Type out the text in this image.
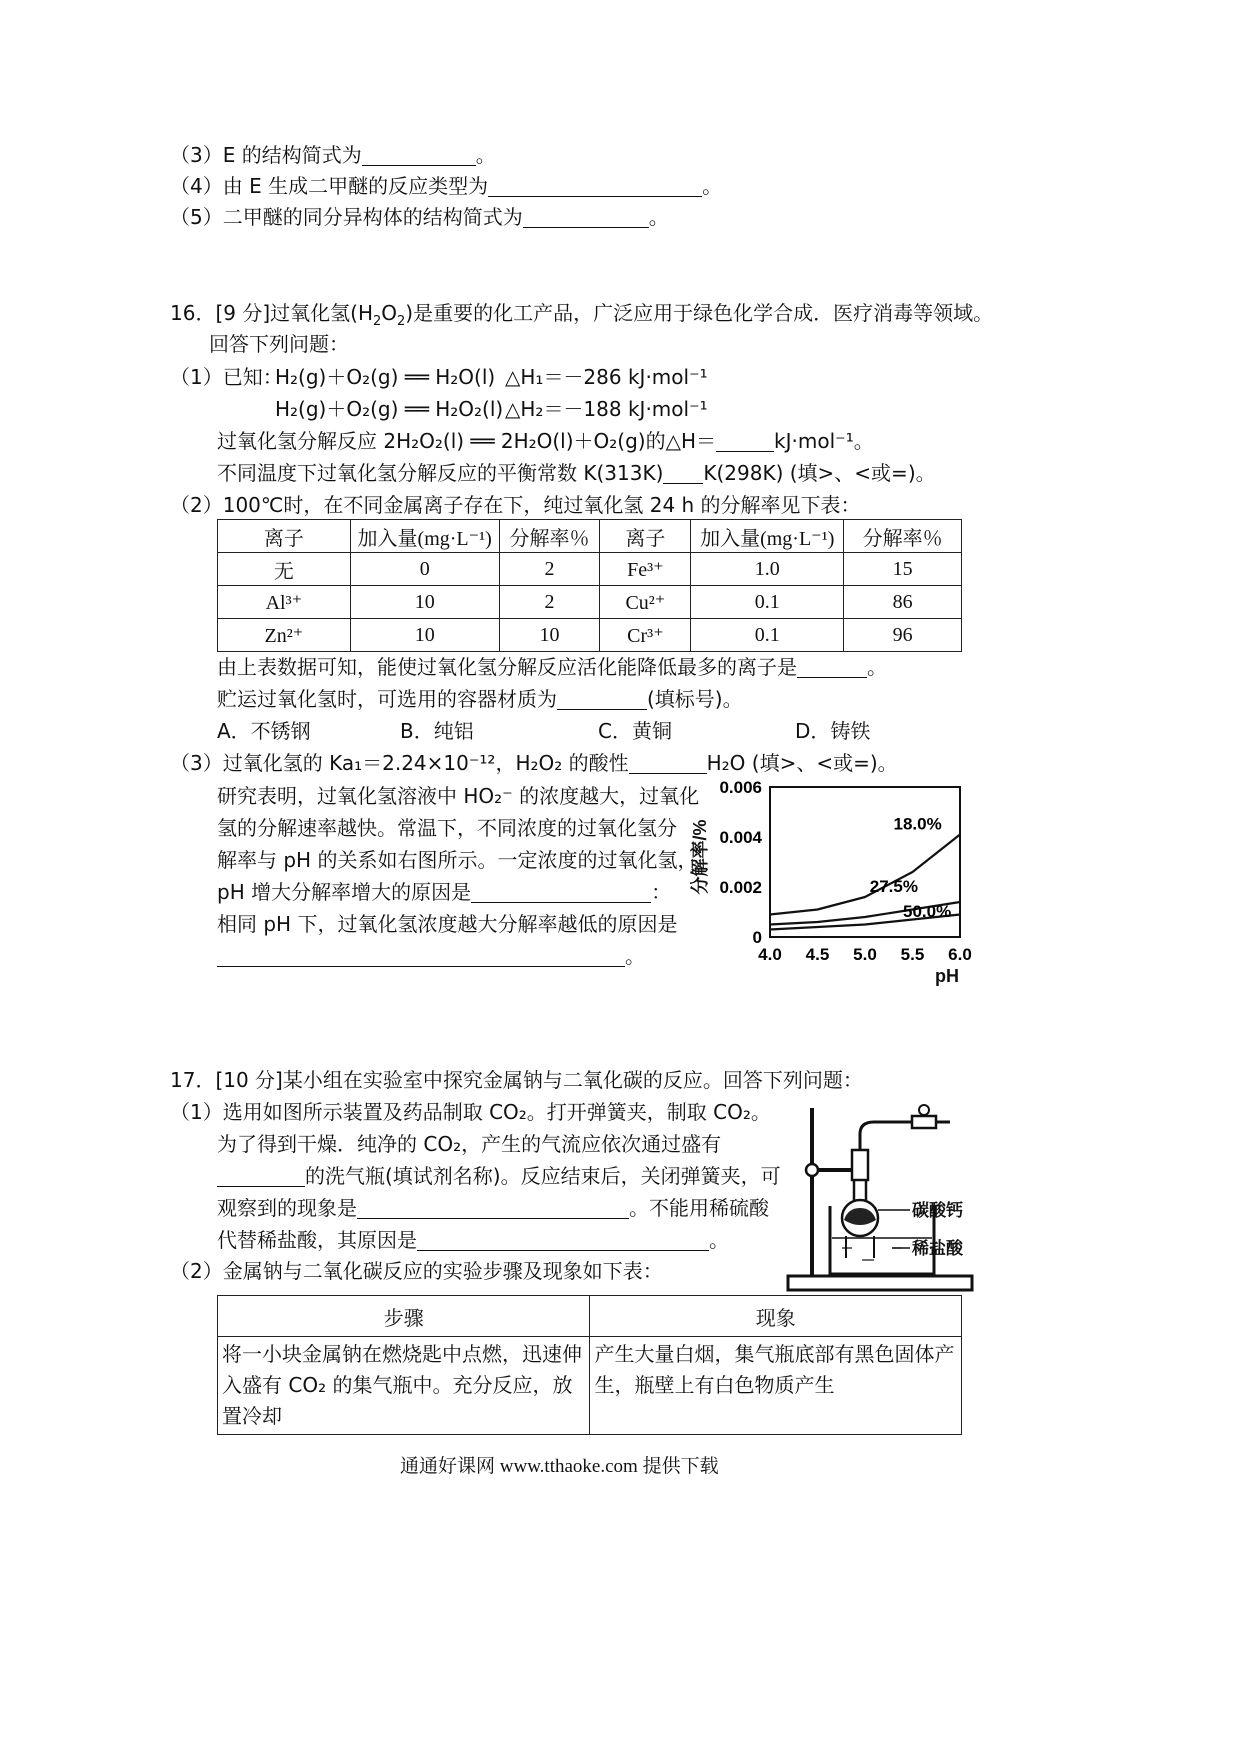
（3）E 的结构简式为	。
（4）由 E 生成二甲醚的反应类型为	。
（5）二甲醚的同分异构体的结构简式为	。
16．[9 分]过氧化氢$(H_2O_2)$是重要的化工产品，广泛应用于绿色化学合成．医疗消毒等领域。
回答下列问题：
（1）已知：
H₂(g)＋O₂(g) ══ H₂O(l) △H₁＝－286 kJ·mol⁻¹
H₂(g)＋O₂(g) ══ H₂O₂(l) △H₂＝－188 kJ·mol⁻¹
过氧化氢分解反应 2H₂O₂(l) ══ 2H₂O(l)＋O₂(g)的△H＝	kJ·mol⁻¹。
不同温度下过氧化氢分解反应的平衡常数 K(313K) K(298K) (填>、<或=)。
（2）100℃时，在不同金属离子存在下，纯过氧化氢 24 h 的分解率见下表：
离子	加入量(mg·L⁻¹)	分解率％	离子	加入量(mg·L⁻¹)	分解率％
无	0	2	Fe³⁺	1.0	15
Al³⁺	10	2	Cu²⁺	0.1	86
Zn²⁺	10	10	Cr³⁺	0.1	96
由上表数据可知，能使过氧化氢分解反应活化能降低最多的离子是	。
贮运过氧化氢时，可选用的容器材质为	(填标号)。
A．不锈钢	B．纯铝	C．黄铜	D．铸铁
（3）过氧化氢的 Ka₁＝2.24×10⁻¹²，H₂O₂ 的酸性	H₂O (填>、<或=)。
研究表明，过氧化氢溶液中 HO₂⁻ 的浓度越大，过氧化
氢的分解速率越快。常温下，不同浓度的过氧化氢分
解率与 pH 的关系如右图所示。一定浓度的过氧化氢，
pH 增大分解率增大的原因是	：
相同 pH 下，过氧化氢浓度越大分解率越低的原因是
。
分解率/%
0
0.002
0.004
0.006
4.0 4.5 5.0 5.5 6.0
18.0%
27.5%
50.0%
pH
17．[10 分]某小组在实验室中探究金属钠与二氧化碳的反应。回答下列问题：
（1）选用如图所示装置及药品制取 CO₂。打开弹簧夹，制取 CO₂。
为了得到干燥．纯净的 CO₂，产生的气流应依次通过盛有
的洗气瓶(填试剂名称)。反应结束后，关闭弹簧夹，可
观察到的现象是	。不能用稀硫酸
代替稀盐酸，其原因是	。
（2）金属钠与二氧化碳反应的实验步骤及现象如下表：
碳酸钙
稀盐酸
步骤	现象
将一小块金属钠在燃烧匙中点燃，迅速伸入盛有 CO₂ 的集气瓶中。充分反应，放置冷却	产生大量白烟，集气瓶底部有黑色固体产生，瓶壁上有白色物质产生
通通好课网 www.tthaoke.com 提供下载
